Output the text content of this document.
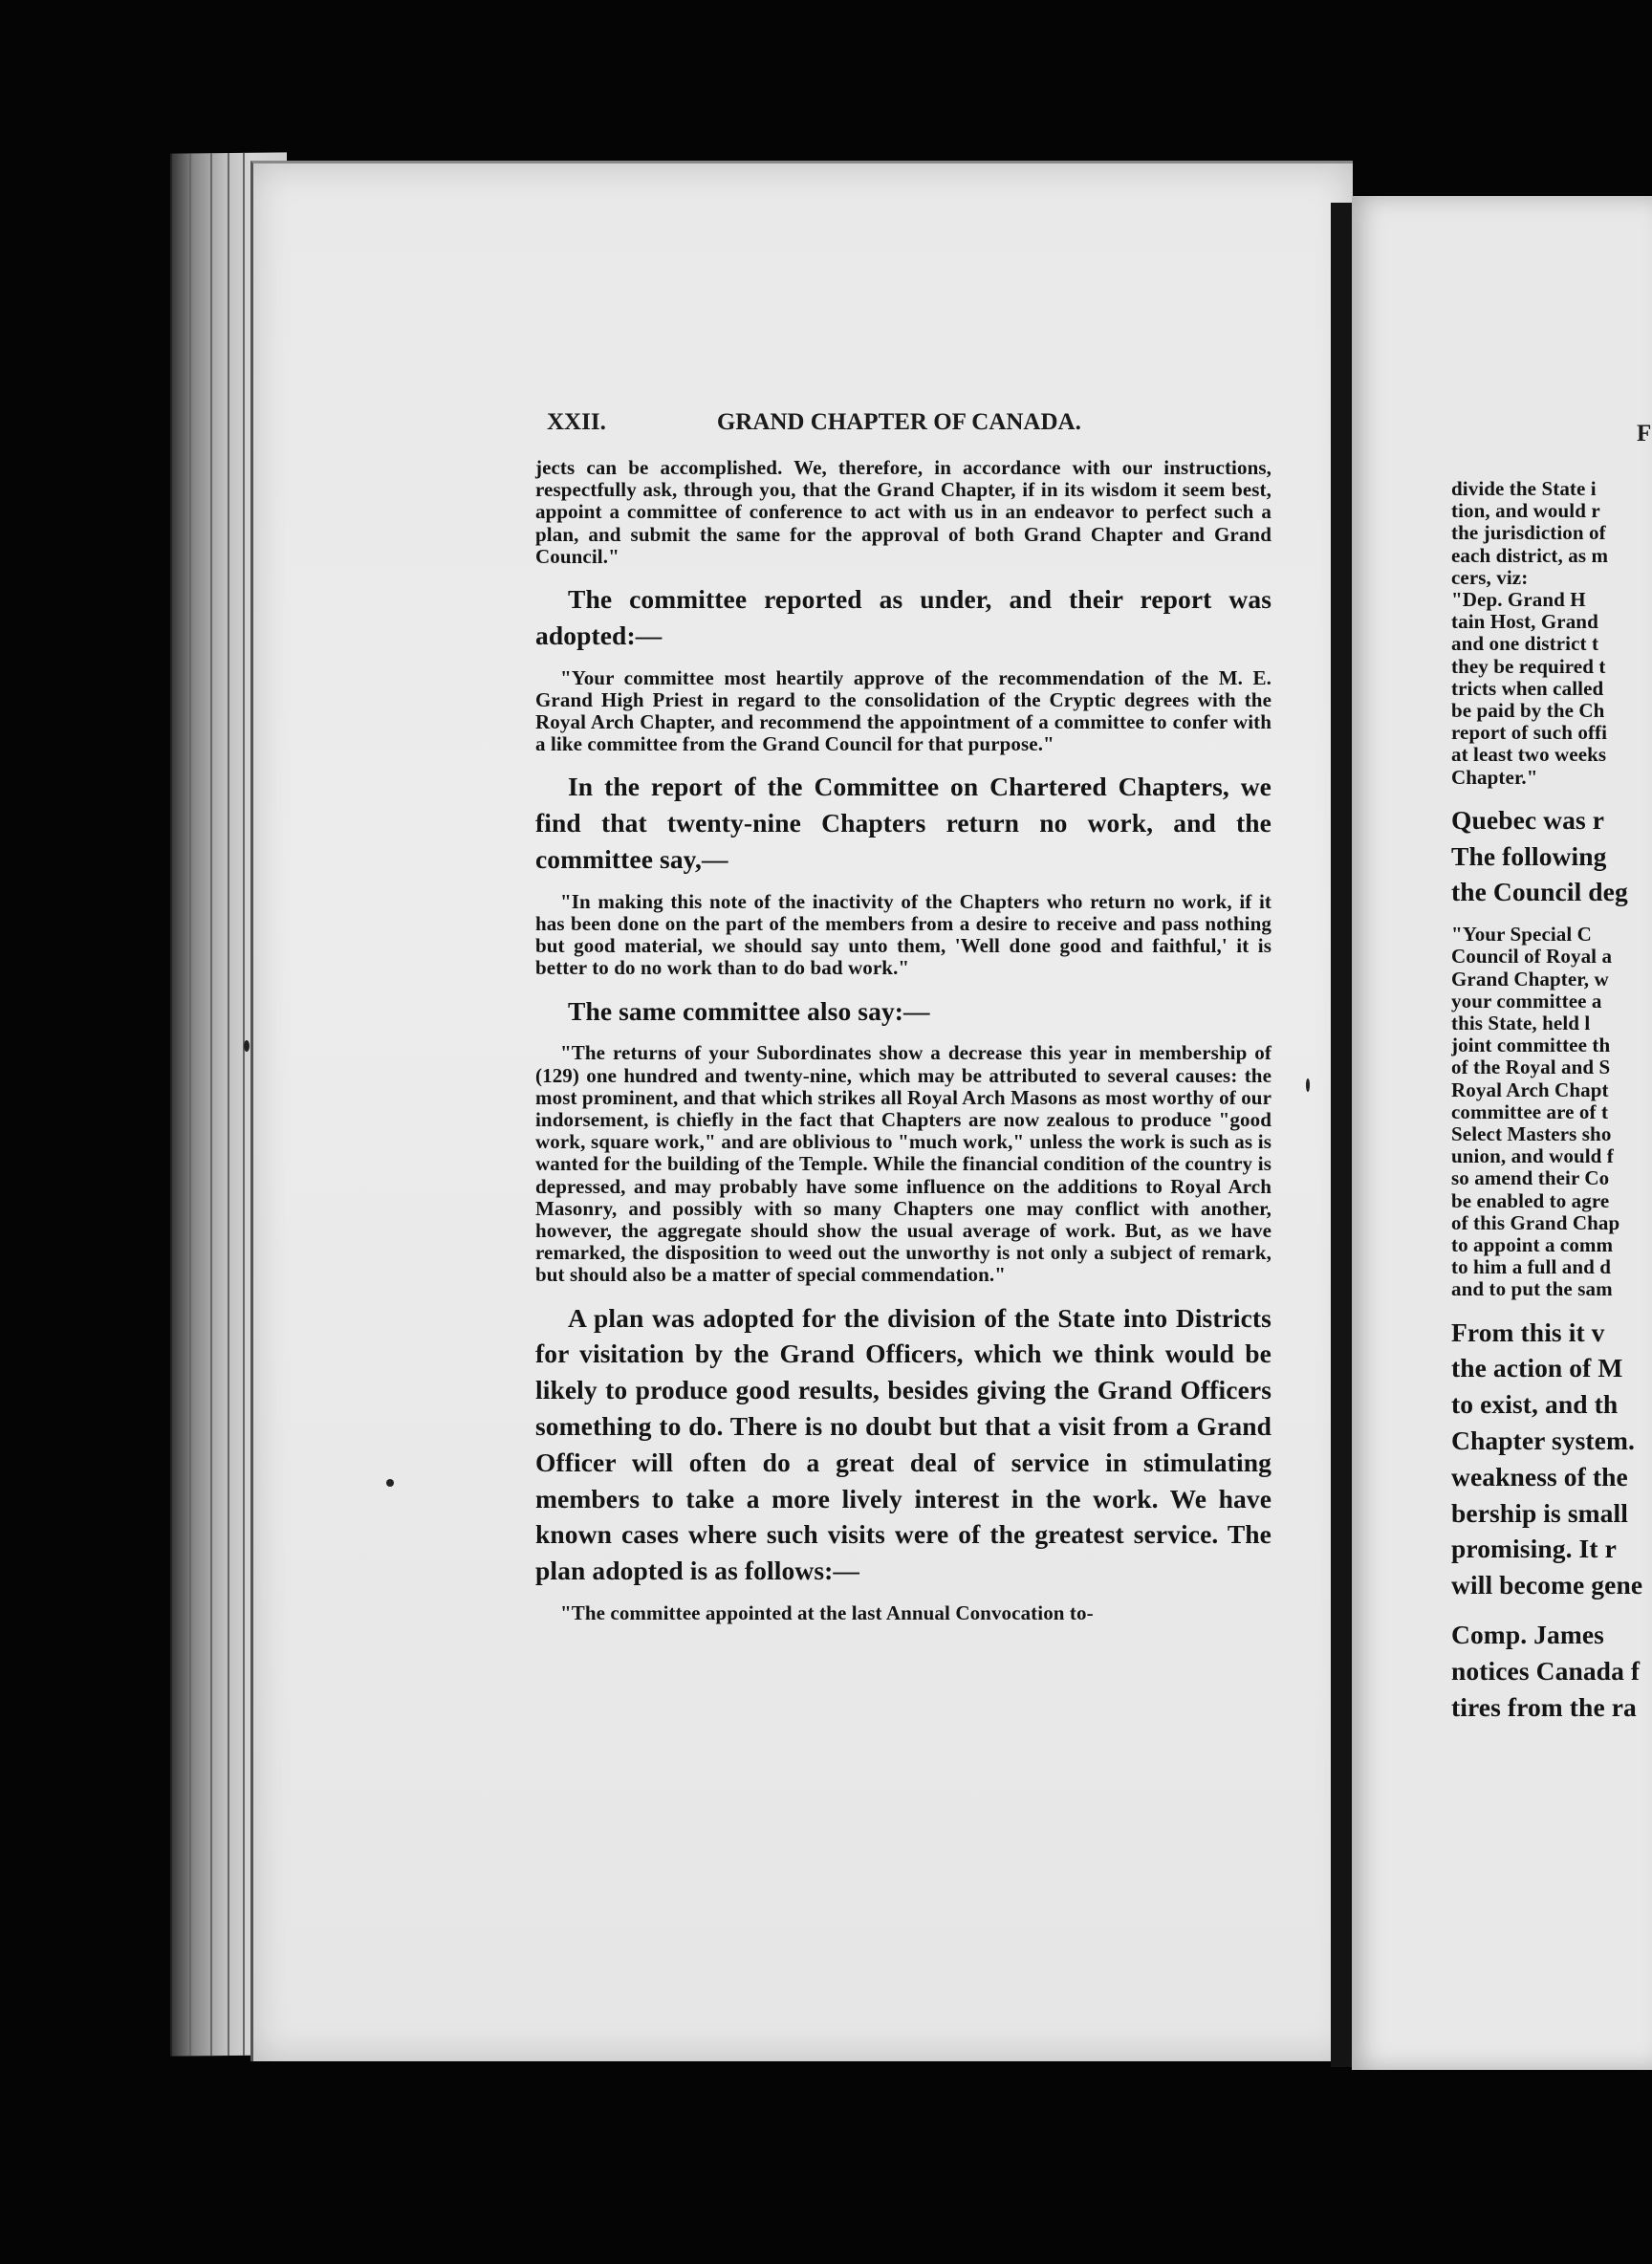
XXII.	GRAND CHAPTER OF CANADA.	F

jects can be accomplished. We, therefore, in accordance with our instructions, respectfully ask, through you, that the Grand Chapter, if in its wisdom it seem best, appoint a committee of conference to act with us in an endeavor to perfect such a plan, and submit the same for the approval of both Grand Chapter and Grand Council."

The committee reported as under, and their report was adopted:—

"Your committee most heartily approve of the recommendation of the M. E. Grand High Priest in regard to the consolidation of the Cryptic degrees with the Royal Arch Chapter, and recommend the appointment of a committee to confer with a like committee from the Grand Council for that purpose."

In the report of the Committee on Chartered Chapters, we find that twenty-nine Chapters return no work, and the committee say,—

"In making this note of the inactivity of the Chapters who return no work, if it has been done on the part of the members from a desire to receive and pass nothing but good material, we should say unto them, 'Well done good and faithful,' it is better to do no work than to do bad work."

The same committee also say:—

"The returns of your Subordinates show a decrease this year in membership of (129) one hundred and twenty-nine, which may be attributed to several causes: the most prominent, and that which strikes all Royal Arch Masons as most worthy of our indorsement, is chiefly in the fact that Chapters are now zealous to produce "good work, square work," and are oblivious to "much work," unless the work is such as is wanted for the building of the Temple. While the financial condition of the country is depressed, and may probably have some influence on the additions to Royal Arch Masonry, and possibly with so many Chapters one may conflict with another, however, the aggregate should show the usual average of work. But, as we have remarked, the disposition to weed out the unworthy is not only a subject of remark, but should also be a matter of special commendation."

A plan was adopted for the division of the State into Districts for visitation by the Grand Officers, which we think would be likely to produce good results, besides giving the Grand Officers something to do. There is no doubt but that a visit from a Grand Officer will often do a great deal of service in stimulating members to take a more lively interest in the work. We have known cases where such visits were of the greatest service. The plan adopted is as follows:—

"The committee appointed at the last Annual Convocation to-

divide the State i
tion, and would r
the jurisdiction of
each district, as m
cers, viz:
"Dep. Grand H
tain Host, Grand
and one district t
they be required t
tricts when called
be paid by the Ch
report of such offi
at least two weeks
Chapter."
Quebec was r
The following
the Council deg
"Your Special C
Council of Royal a
Grand Chapter, w
your committee a
this State, held l
joint committee th
of the Royal and S
Royal Arch Chapt
committee are of t
Select Masters sho
union, and would f
so amend their Co
be enabled to agre
of this Grand Chap
to appoint a comm
to him a full and d
and to put the sam
From this it v
the action of M
to exist, and th
Chapter system.
weakness of the
bership is small
promising. It r
will become gene
Comp. James
notices Canada f
tires from the ra
